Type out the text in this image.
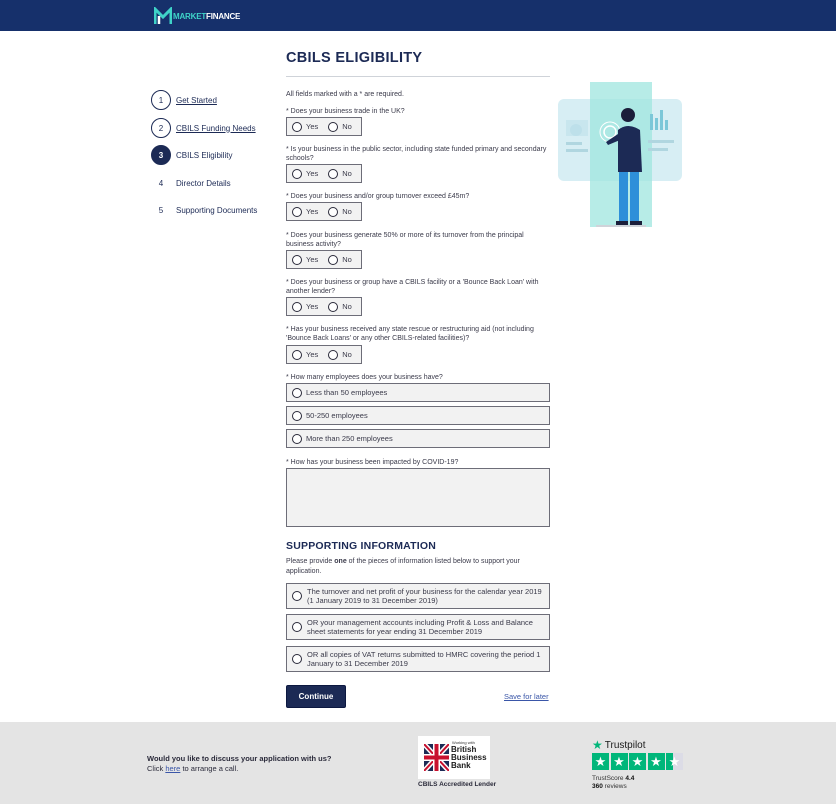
MARKETFINANCE
CBILS ELIGIBILITY
1	Get Started
2	CBILS Funding Needs
3	CBILS Eligibility
4	Director Details
5	Supporting Documents
All fields marked with a * are required.
* Does your business trade in the UK?
Yes	No
* Is your business in the public sector, including state funded primary and secondary schools?
Yes	No
* Does your business and/or group turnover exceed £45m?
Yes	No
* Does your business generate 50% or more of its turnover from the principal business activity?
Yes	No
* Does your business or group have a CBILS facility or a 'Bounce Back Loan' with another lender?
Yes	No
* Has your business received any state rescue or restructuring aid (not including 'Bounce Back Loans' or any other CBILS-related facilities)?
Yes	No
* How many employees does your business have?
Less than 50 employees
50-250 employees
More than 250 employees
* How has your business been impacted by COVID-19?
SUPPORTING INFORMATION
Please provide one of the pieces of information listed below to support your application.
The turnover and net profit of your business for the calendar year 2019 (1 January 2019 to 31 December 2019)
OR your management accounts including Profit & Loss and Balance sheet statements for year ending 31 December 2019
OR all copies of VAT returns submitted to HMRC covering the period 1 January to 31 December 2019
Continue	Save for later
Would you like to discuss your application with us?
Click here to arrange a call.
Working with
British
Business
Bank
CBILS Accredited Lender
★ Trustpilot
★ ★ ★ ★ ★
TrustScore 4.4
360 reviews
